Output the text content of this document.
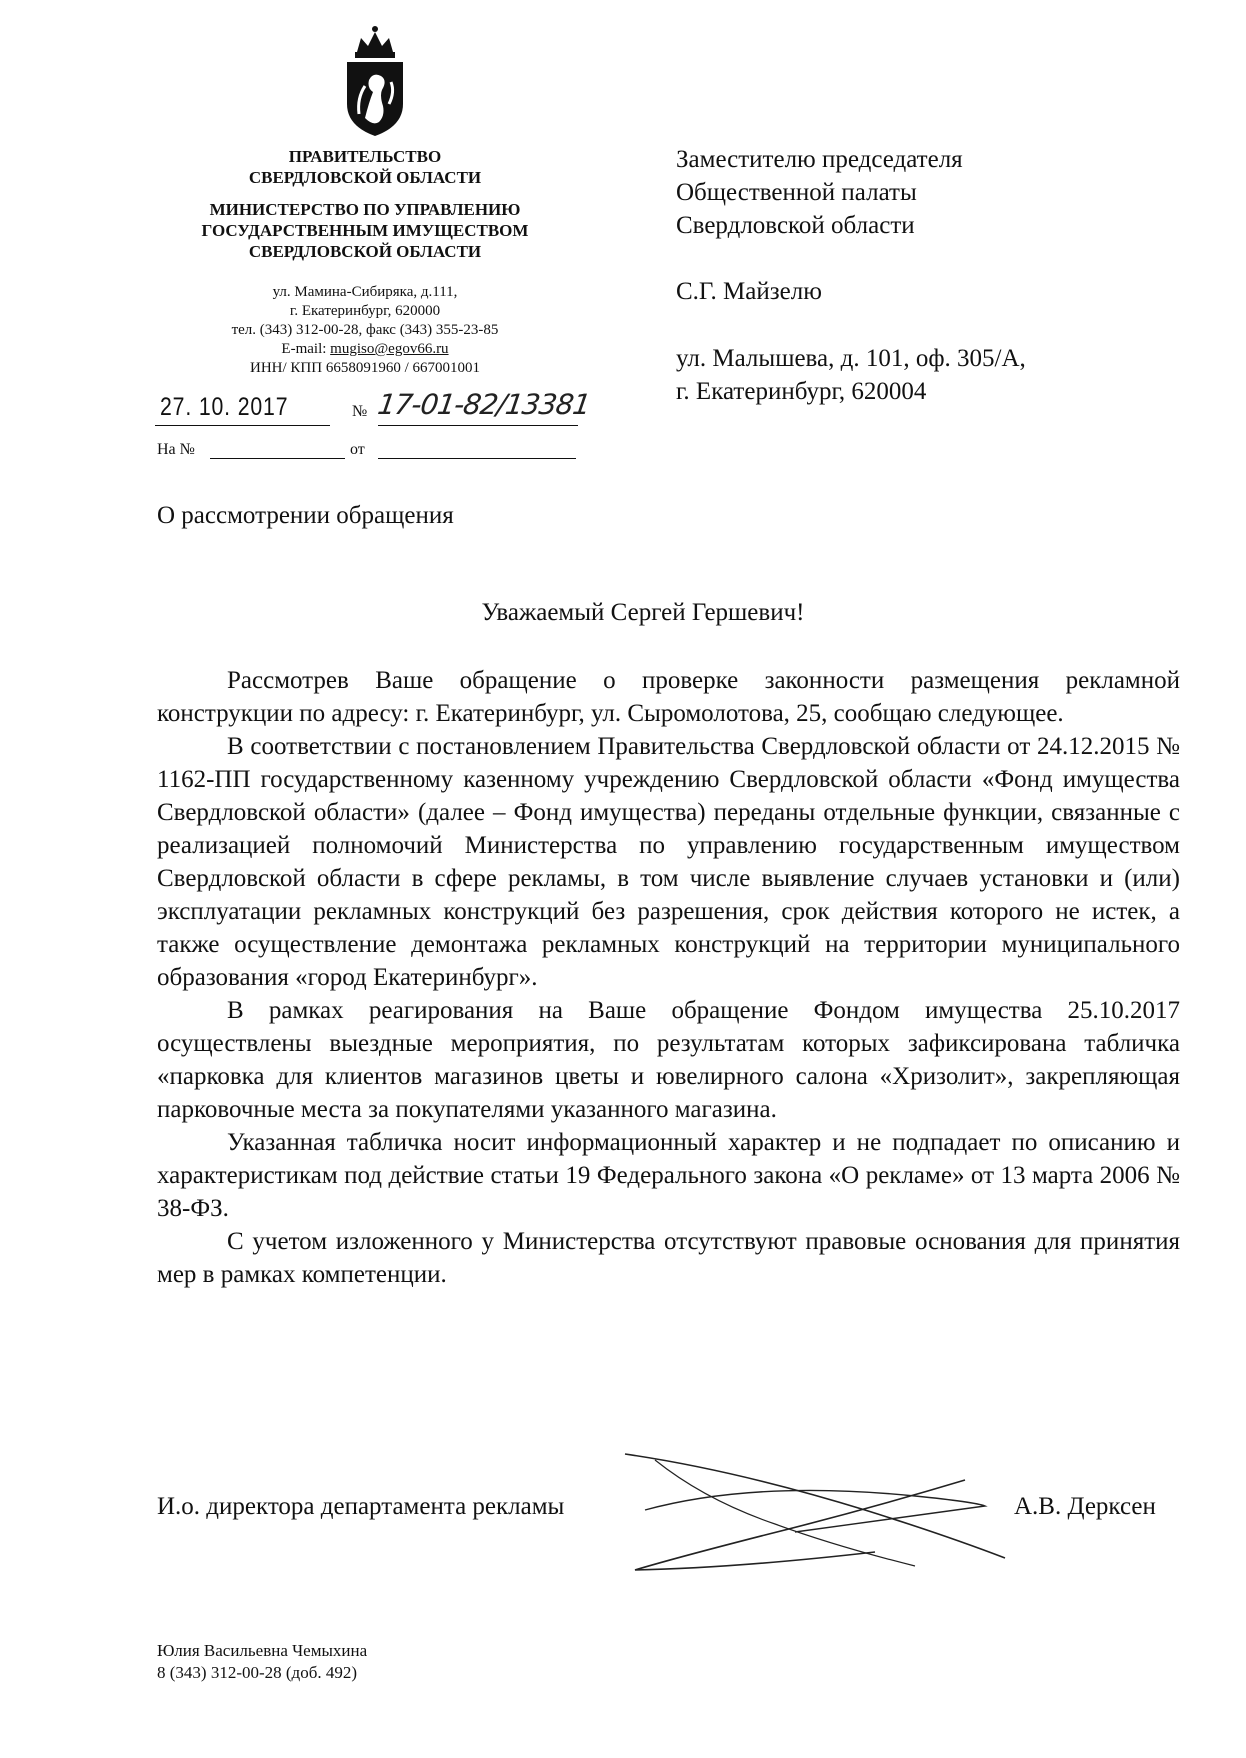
ПРАВИТЕЛЬСТВО
СВЕРДЛОВСКОЙ ОБЛАСТИ
МИНИСТЕРСТВО ПО УПРАВЛЕНИЮ
ГОСУДАРСТВЕННЫМ ИМУЩЕСТВОМ
СВЕРДЛОВСКОЙ ОБЛАСТИ
ул. Мамина-Сибиряка, д.111,
г. Екатеринбург, 620000
тел. (343) 312-00-28, факс (343) 355-23-85
E-mail: mugiso@egov66.ru
ИНН/ КПП 6658091960 / 667001001
27. 10. 2017	№ 17-01-82/13381
На №	от
Заместителю председателя
Общественной палаты
Свердловской области
С.Г. Майзелю
ул. Малышева, д. 101, оф. 305/А,
г. Екатеринбург, 620004
О рассмотрении обращения
Уважаемый Сергей Гершевич!

Рассмотрев Ваше обращение о проверке законности размещения рекламной конструкции по адресу: г. Екатеринбург, ул. Сыромолотова, 25, сообщаю следующее.

В соответствии с постановлением Правительства Свердловской области от 24.12.2015 № 1162-ПП государственному казенному учреждению Свердловской области «Фонд имущества Свердловской области» (далее – Фонд имущества) переданы отдельные функции, связанные с реализацией полномочий Министерства по управлению государственным имуществом Свердловской области в сфере рекламы, в том числе выявление случаев установки и (или) эксплуатации рекламных конструкций без разрешения, срок действия которого не истек, а также осуществление демонтажа рекламных конструкций на территории муниципального образования «город Екатеринбург».

В рамках реагирования на Ваше обращение Фондом имущества 25.10.2017 осуществлены выездные мероприятия, по результатам которых зафиксирована табличка «парковка для клиентов магазинов цветы и ювелирного салона «Хризолит», закрепляющая парковочные места за покупателями указанного магазина.

Указанная табличка носит информационный характер и не подпадает по описанию и характеристикам под действие статьи 19 Федерального закона «О рекламе» от 13 марта 2006 № 38-ФЗ.

С учетом изложенного у Министерства отсутствуют правовые основания для принятия мер в рамках компетенции.

И.о. директора департамента рекламы	А.В. Дерксен
Юлия Васильевна Чемыхина
8 (343) 312-00-28 (доб. 492)
